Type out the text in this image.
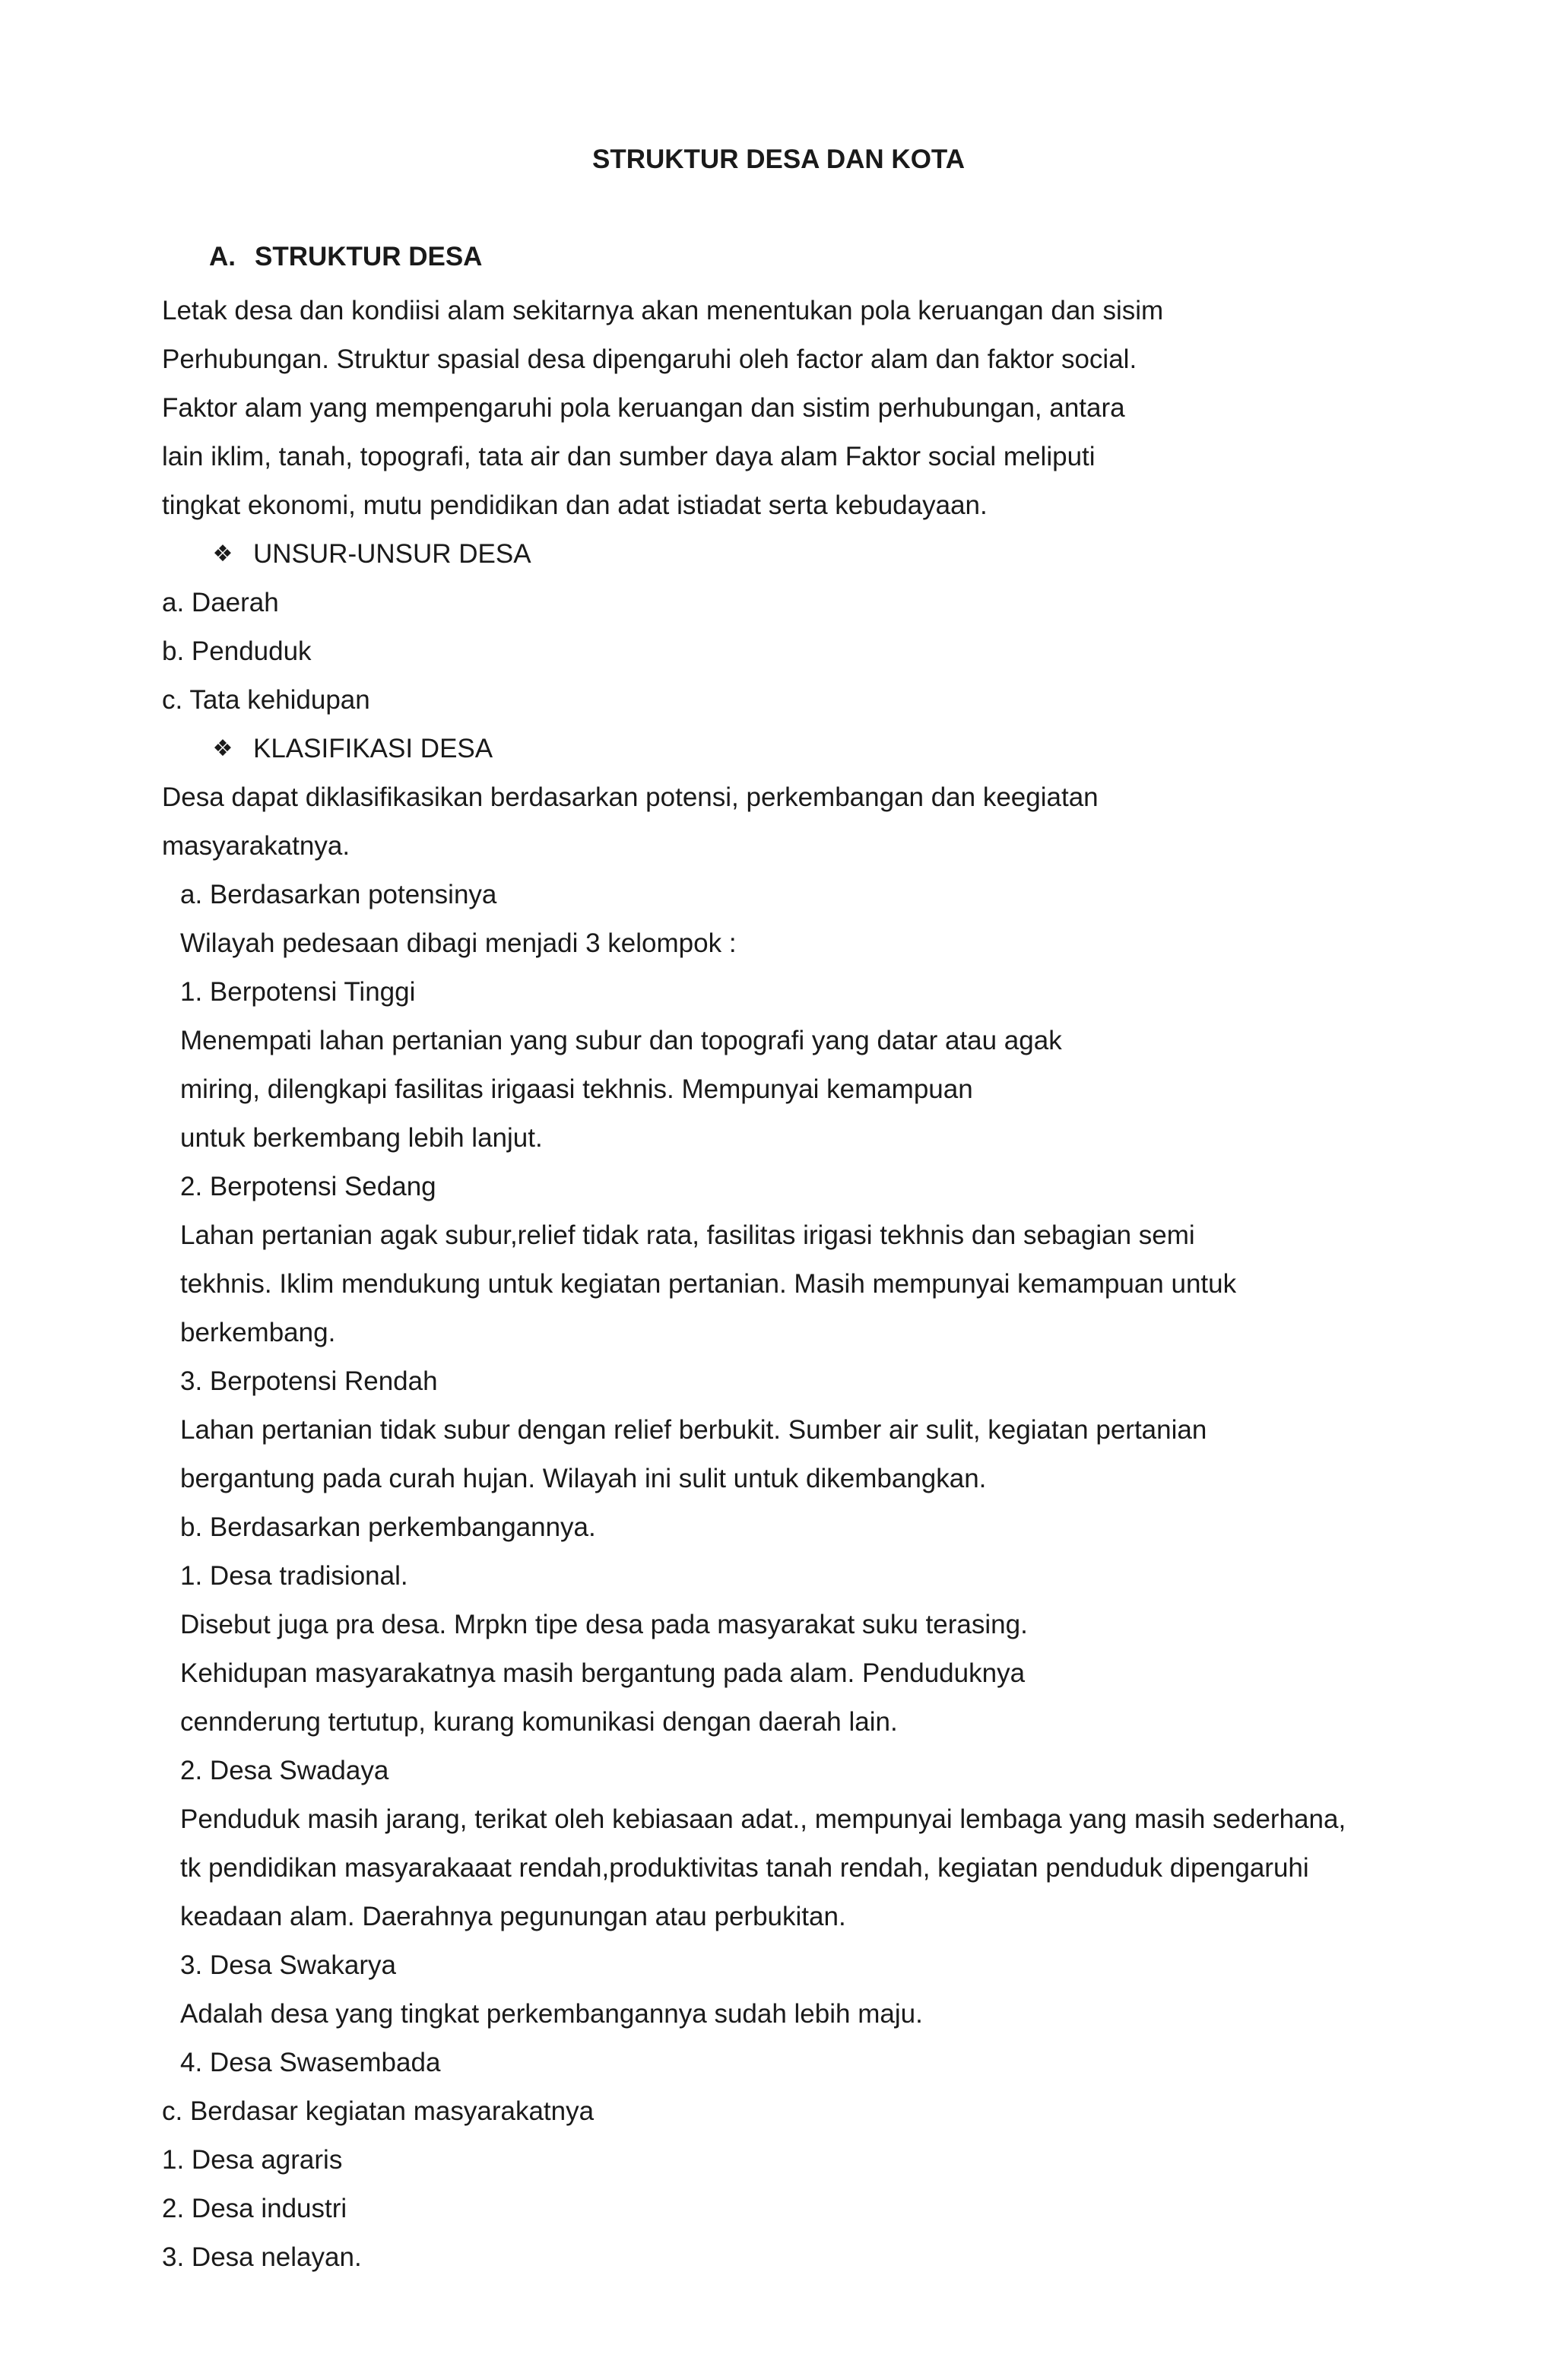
STRUKTUR DESA DAN KOTA
A. STRUKTUR DESA
Letak desa dan kondiisi alam sekitarnya akan menentukan pola keruangan dan sisim
Perhubungan. Struktur spasial desa dipengaruhi oleh factor alam dan faktor social.
Faktor alam yang mempengaruhi pola keruangan dan sistim perhubungan, antara
lain iklim, tanah, topografi, tata air dan sumber daya alam Faktor social meliputi
tingkat ekonomi, mutu pendidikan dan adat istiadat serta kebudayaan.
❖ UNSUR-UNSUR DESA
a. Daerah
b. Penduduk
c. Tata kehidupan
❖ KLASIFIKASI DESA
Desa dapat diklasifikasikan berdasarkan potensi, perkembangan dan keegiatan
masyarakatnya.
a. Berdasarkan potensinya
Wilayah pedesaan dibagi menjadi 3 kelompok :
1. Berpotensi Tinggi
Menempati lahan pertanian yang subur dan topografi yang datar atau agak
miring, dilengkapi fasilitas irigaasi tekhnis. Mempunyai kemampuan
untuk berkembang lebih lanjut.
2. Berpotensi Sedang
Lahan pertanian agak subur,relief tidak rata, fasilitas irigasi tekhnis dan sebagian semi
tekhnis. Iklim mendukung untuk kegiatan pertanian. Masih mempunyai kemampuan untuk
berkembang.
3. Berpotensi Rendah
Lahan pertanian tidak subur dengan relief berbukit. Sumber air sulit, kegiatan pertanian
bergantung pada curah hujan. Wilayah ini sulit untuk dikembangkan.
b. Berdasarkan perkembangannya.
1. Desa tradisional.
Disebut juga pra desa. Mrpkn tipe desa pada masyarakat suku terasing.
Kehidupan masyarakatnya masih bergantung pada alam. Penduduknya
cennderung tertutup, kurang komunikasi dengan daerah lain.
2. Desa Swadaya
Penduduk masih jarang, terikat oleh kebiasaan adat., mempunyai lembaga yang masih sederhana,
tk pendidikan masyarakaaat rendah,produktivitas tanah rendah, kegiatan penduduk dipengaruhi
keadaan alam. Daerahnya pegunungan atau perbukitan.
3. Desa Swakarya
Adalah desa yang tingkat perkembangannya sudah lebih maju.
4. Desa Swasembada
c. Berdasar kegiatan masyarakatnya
1. Desa agraris
2. Desa industri
3. Desa nelayan.
